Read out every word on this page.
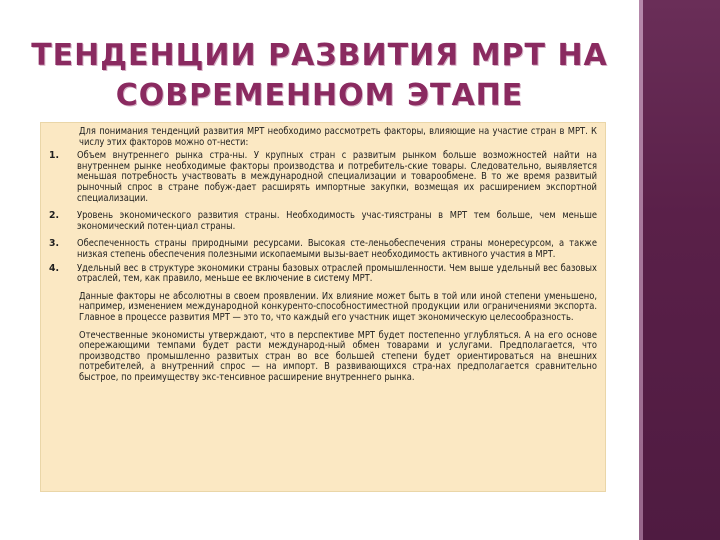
ТЕНДЕНЦИИ РАЗВИТИЯ МРТ НА
СОВРЕМЕННОМ ЭТАПЕ

Для понимания тенденций развития МРТ необходимо рассмотреть факторы, влияющие на участие стран в МРТ. К числу этих факторов можно от-нести:

1.	Объем внутреннего рынка стра-ны. У крупных стран с развитым рынком больше возможностей найти на внутреннем рынке необходимые факторы производства и потребитель-ские товары. Следовательно, выявляется меньшая потребность участвовать в международной специализации и товарообмене. В то же время развитый рыночный спрос в стране побуж-дает расширять импортные закупки, возмещая их расширением экспортной специализации.

2.	Уровень экономического развития страны. Необходимость учас-тиястраны в МРТ тем больше, чем меньше экономический потен-циал страны.

3.	Обеспеченность страны природными ресурсами. Высокая сте-леньобеспечения страны монересурсом, а также низкая степень обеспечения полезными ископаемыми вызы-вает необходимость активного участия в МРТ.

4.	Удельный вес в структуре экономики страны базовых отраслей промышленности. Чем выше удельный вес базовых отраслей, тем, как правило, меньше ее включение в систему МРТ.

Данные факторы не абсолютны в своем проявлении. Их влияние может быть в той или иной степени уменьшено, например, изменением международной конкуренто-способностиместной продукции или ограничениями экспорта. Главное в процессе развития МРТ — это то, что каждый его участник ищет экономическую целесообразность.

Отечественные экономисты утверждают, что в перспективе МРТ будет постепенно углубляться. А на его основе опережающими темпами будет расти международ-ный обмен товарами и услугами. Предполагается, что производство промышленно развитых стран во все большей степени будет ориентироваться на внешних потребителей, а внутренний спрос — на импорт. В развивающихся стра-нах предполагается сравнительно быстрое, по преимуществу экс-тенсивное расширение внутреннего рынка.
